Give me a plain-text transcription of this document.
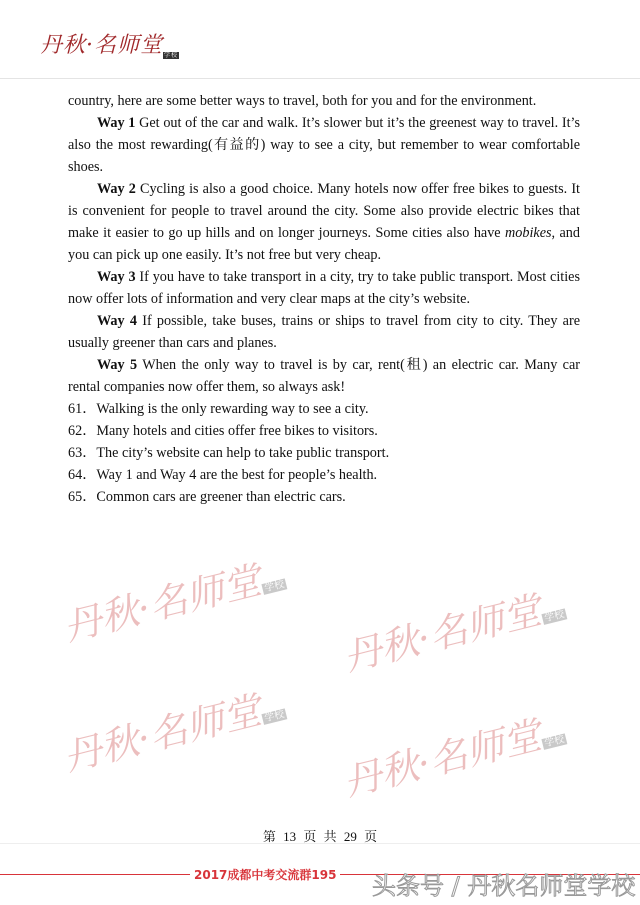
丹秋·名师堂学校

country, here are some better ways to travel, both for you and for the environment.

Way 1 Get out of the car and walk. It’s slower but it’s the greenest way to travel. It’s also the most rewarding(有益的) way to see a city, but remember to wear comfortable shoes.

Way 2 Cycling is also a good choice. Many hotels now offer free bikes to guests. It is convenient for people to travel around the city. Some also provide electric bikes that make it easier to go up hills and on longer journeys. Some cities also have mobikes, and you can pick up one easily. It’s not free but very cheap.

Way 3 If you have to take transport in a city, try to take public transport. Most cities now offer lots of information and very clear maps at the city’s website.

Way 4 If possible, take buses, trains or ships to travel from city to city. They are usually greener than cars and planes.

Way 5 When the only way to travel is by car, rent(租) an electric car. Many car rental companies now offer them, so always ask!

61．Walking is the only rewarding way to see a city.

62．Many hotels and cities offer free bikes to visitors.

63．The city’s website can help to take public transport.

64．Way 1 and Way 4 are the best for people’s health.

65．Common cars are greener than electric cars.

丹秋·名师堂学校
丹秋·名师堂学校
丹秋·名师堂学校 丹秋·名师堂学校
第 13 页 共 29 页
2017成都中考交流群195 头条号 / 丹秋名师堂学校
